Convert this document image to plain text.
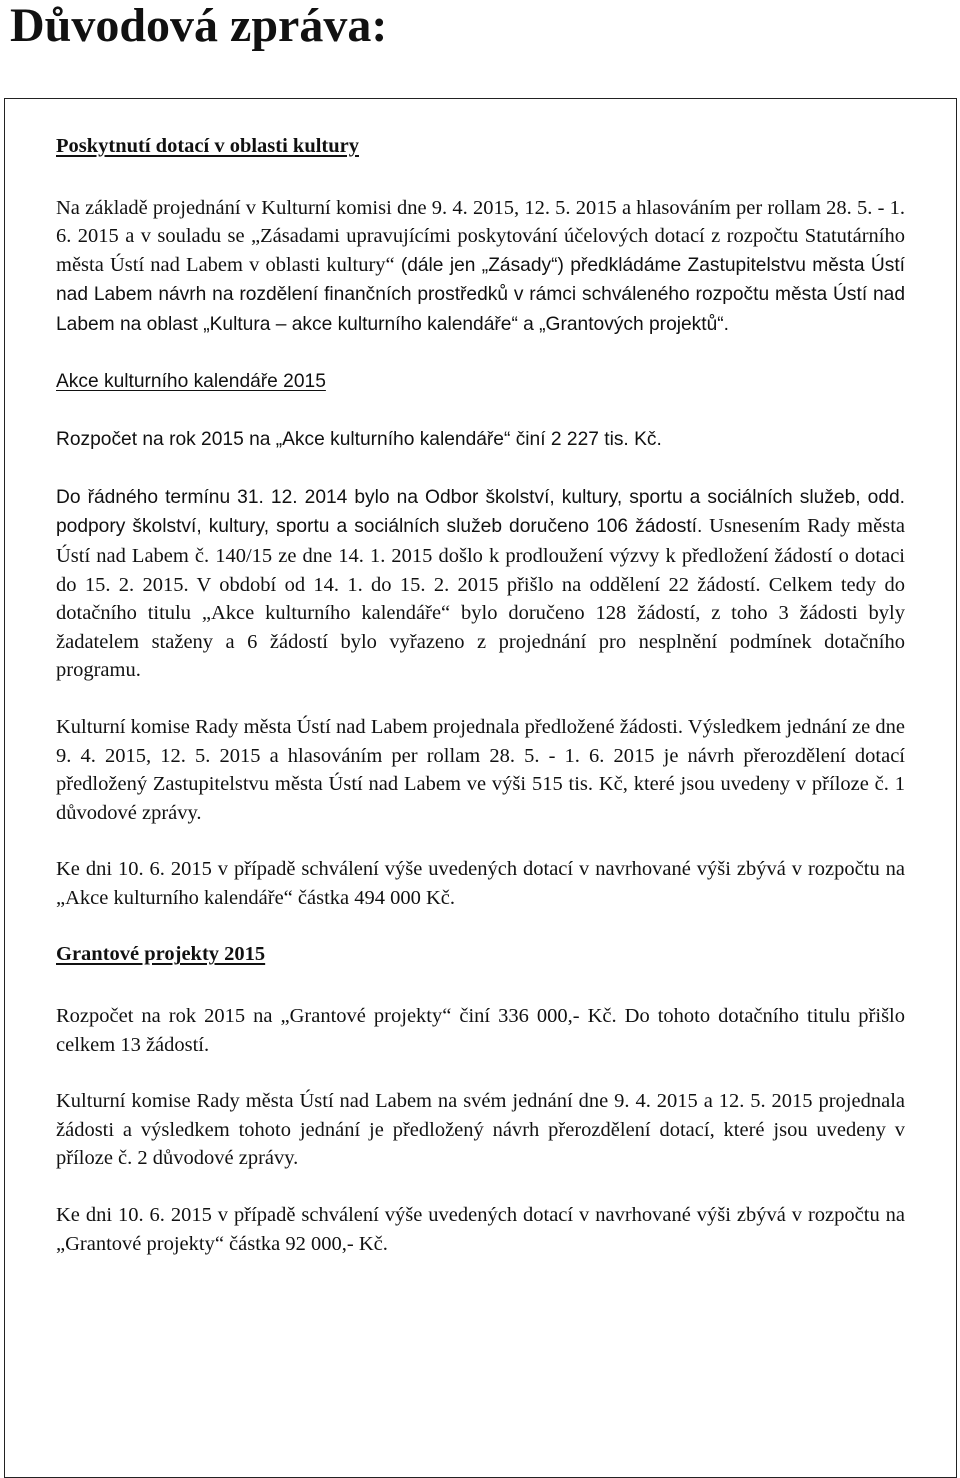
Důvodová zpráva:

Poskytnutí dotací v oblasti kultury

Na základě projednání v Kulturní komisi dne 9. 4. 2015, 12. 5. 2015 a hlasováním per rollam 28. 5. - 1. 6. 2015 a v souladu se „Zásadami upravujícími poskytování účelových dotací z rozpočtu Statutárního města Ústí nad Labem v oblasti kultury“ (dále jen „Zásady“) předkládáme Zastupitelstvu města Ústí nad Labem návrh na rozdělení finančních prostředků v rámci schváleného rozpočtu města Ústí nad Labem na oblast „Kultura – akce kulturního kalendáře“ a „Grantových projektů“.

Akce kulturního kalendáře 2015

Rozpočet na rok 2015 na „Akce kulturního kalendáře“ činí 2 227 tis. Kč.

Do řádného termínu 31. 12. 2014 bylo na Odbor školství, kultury, sportu a sociálních služeb, odd. podpory školství, kultury, sportu a sociálních služeb doručeno 106 žádostí. Usnesením Rady města Ústí nad Labem č. 140/15 ze dne 14. 1. 2015 došlo k prodloužení výzvy k předložení žádostí o dotaci do 15. 2. 2015. V období od 14. 1. do 15. 2. 2015 přišlo na oddělení 22 žádostí. Celkem tedy do dotačního titulu „Akce kulturního kalendáře“ bylo doručeno 128 žádostí, z toho 3 žádosti byly žadatelem staženy a 6 žádostí bylo vyřazeno z projednání pro nesplnění podmínek dotačního programu.

Kulturní komise Rady města Ústí nad Labem projednala předložené žádosti. Výsledkem jednání ze dne 9. 4. 2015, 12. 5. 2015 a hlasováním per rollam 28. 5. - 1. 6. 2015 je návrh přerozdělení dotací předložený Zastupitelstvu města Ústí nad Labem ve výši 515 tis. Kč, které jsou uvedeny v příloze č. 1 důvodové zprávy.

Ke dni 10. 6. 2015 v případě schválení výše uvedených dotací v navrhované výši zbývá v rozpočtu na „Akce kulturního kalendáře“ částka 494 000 Kč.

Grantové projekty 2015

Rozpočet na rok 2015 na „Grantové projekty“ činí 336 000,- Kč. Do tohoto dotačního titulu přišlo celkem 13 žádostí.

Kulturní komise Rady města Ústí nad Labem na svém jednání dne 9. 4. 2015 a 12. 5. 2015 projednala žádosti a výsledkem tohoto jednání je předložený návrh přerozdělení dotací, které jsou uvedeny v příloze č. 2 důvodové zprávy.

Ke dni 10. 6. 2015 v případě schválení výše uvedených dotací v navrhované výši zbývá v rozpočtu na „Grantové projekty“ částka 92 000,- Kč.
